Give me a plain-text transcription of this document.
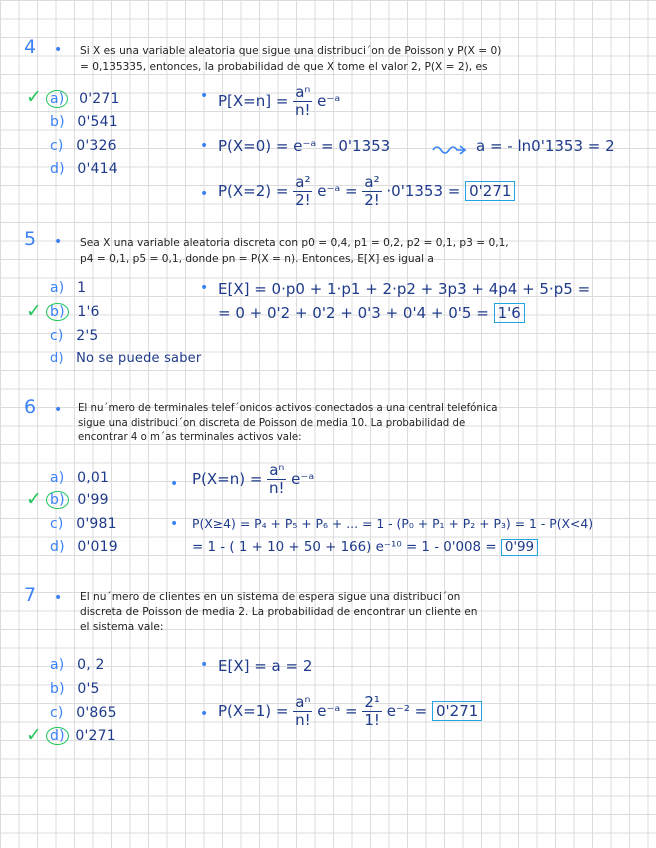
4 • Si X es una variable aleatoria que sigue una distribuci´on de Poisson y P(X = 0)
= 0,135335, entonces, la probabilidad de que X tome el valor 2, P(X = 2), es
✓ a) 0'271
b) 0'541
c) 0'326
d) 0'414
• $P[X=n] = \frac{\text{aⁿ}}{n!}$ e⁻ᵃ
• P(X=0) = e⁻ᵃ = 0'1353	a = - ln0'1353 = 2
• $P(X=2) = \frac{\text{a²}}{2!}$ e⁻ᵃ = $\frac{\text{a²}}{2!} \cdot 0'1353 = 0'271$
5 • Sea X una variable aleatoria discreta con p0 = 0,4, p1 = 0,2, p2 = 0,1, p3 = 0,1,
p4 = 0,1, p5 = 0,1, donde pn = P(X = n). Entonces, E[X] es igual a
a) 1
✓ b) 1'6
c) 2'5
d) No se puede saber
• E[X] = 0·p0 + 1·p1 + 2·p2 + 3p3 + 4p4 + 5·p5 =
= 0 + 0'2 + 0'2 + 0'3 + 0'4 + 0'5 = 1'6
6 • El nu´mero de terminales telef´onicos activos conectados a una central telefónica
sigue una distribuci´on discreta de Poisson de media 10. La probabilidad de
encontrar 4 o m´as terminales activos vale:
a) 0,01
✓ b) 0'99
c) 0'981
d) 0'019
• $P(X=n) = \frac{\text{aⁿ}}{n!}$ e⁻ᵃ
• P(X≥4) = P₄ + P₅ + P₆ + ... = 1 - (P₀ + P₁ + P₂ + P₃) = 1 - P(X<4)
= 1 - ( 1 + 10 + 50 + 166) e⁻¹⁰ = 1 - 0'008 = 0'99
7 • El nu´mero de clientes en un sistema de espera sigue una distribuci´on
discreta de Poisson de media 2. La probabilidad de encontrar un cliente en
el sistema vale:
a) 0, 2
b) 0'5
c) 0'865
✓ d) 0'271
• E[X] = a = 2
• $P(X=1) = \frac{\text{aⁿ}}{n!}$ e⁻ᵃ = $\frac{\text{2¹}}{1!} e^{-2} = 0'271$
